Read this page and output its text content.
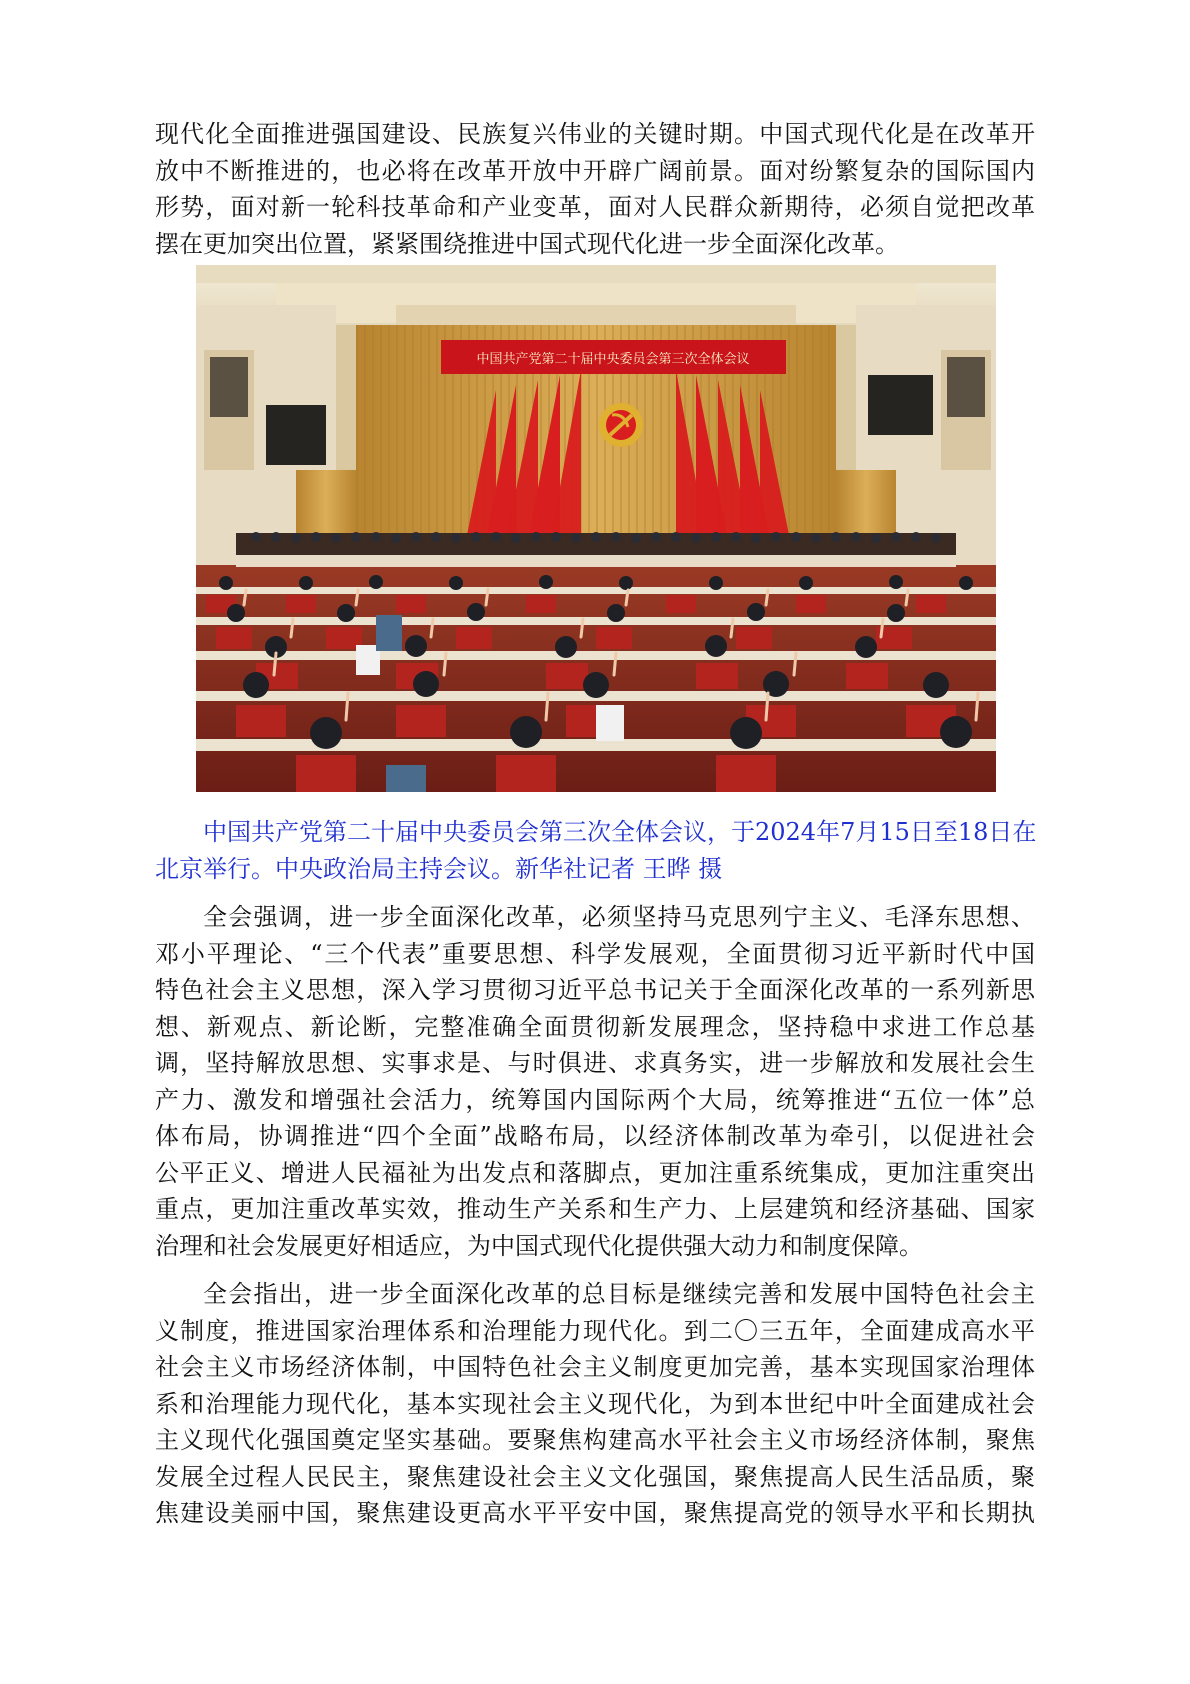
现代化全面推进强国建设、民族复兴伟业的关键时期。中国式现代化是在改革开
放中不断推进的，也必将在改革开放中开辟广阔前景。面对纷繁复杂的国际国内
形势，面对新一轮科技革命和产业变革，面对人民群众新期待，必须自觉把改革
摆在更加突出位置，紧紧围绕推进中国式现代化进一步全面深化改革。
中国共产党第二十届中央委员会第三次全体会议
中国共产党第二十届中央委员会第三次全体会议，于2024年7月15日至18日在
北京举行。中央政治局主持会议。新华社记者 王晔 摄
全会强调，进一步全面深化改革，必须坚持马克思列宁主义、毛泽东思想、
邓小平理论、“三个代表”重要思想、科学发展观，全面贯彻习近平新时代中国
特色社会主义思想，深入学习贯彻习近平总书记关于全面深化改革的一系列新思
想、新观点、新论断，完整准确全面贯彻新发展理念，坚持稳中求进工作总基
调，坚持解放思想、实事求是、与时俱进、求真务实，进一步解放和发展社会生
产力、激发和增强社会活力，统筹国内国际两个大局，统筹推进“五位一体”总
体布局，协调推进“四个全面”战略布局，以经济体制改革为牵引，以促进社会
公平正义、增进人民福祉为出发点和落脚点，更加注重系统集成，更加注重突出
重点，更加注重改革实效，推动生产关系和生产力、上层建筑和经济基础、国家
治理和社会发展更好相适应，为中国式现代化提供强大动力和制度保障。
全会指出，进一步全面深化改革的总目标是继续完善和发展中国特色社会主
义制度，推进国家治理体系和治理能力现代化。到二〇三五年，全面建成高水平
社会主义市场经济体制，中国特色社会主义制度更加完善，基本实现国家治理体
系和治理能力现代化，基本实现社会主义现代化，为到本世纪中叶全面建成社会
主义现代化强国奠定坚实基础。要聚焦构建高水平社会主义市场经济体制，聚焦
发展全过程人民民主，聚焦建设社会主义文化强国，聚焦提高人民生活品质，聚
焦建设美丽中国，聚焦建设更高水平平安中国，聚焦提高党的领导水平和长期执
